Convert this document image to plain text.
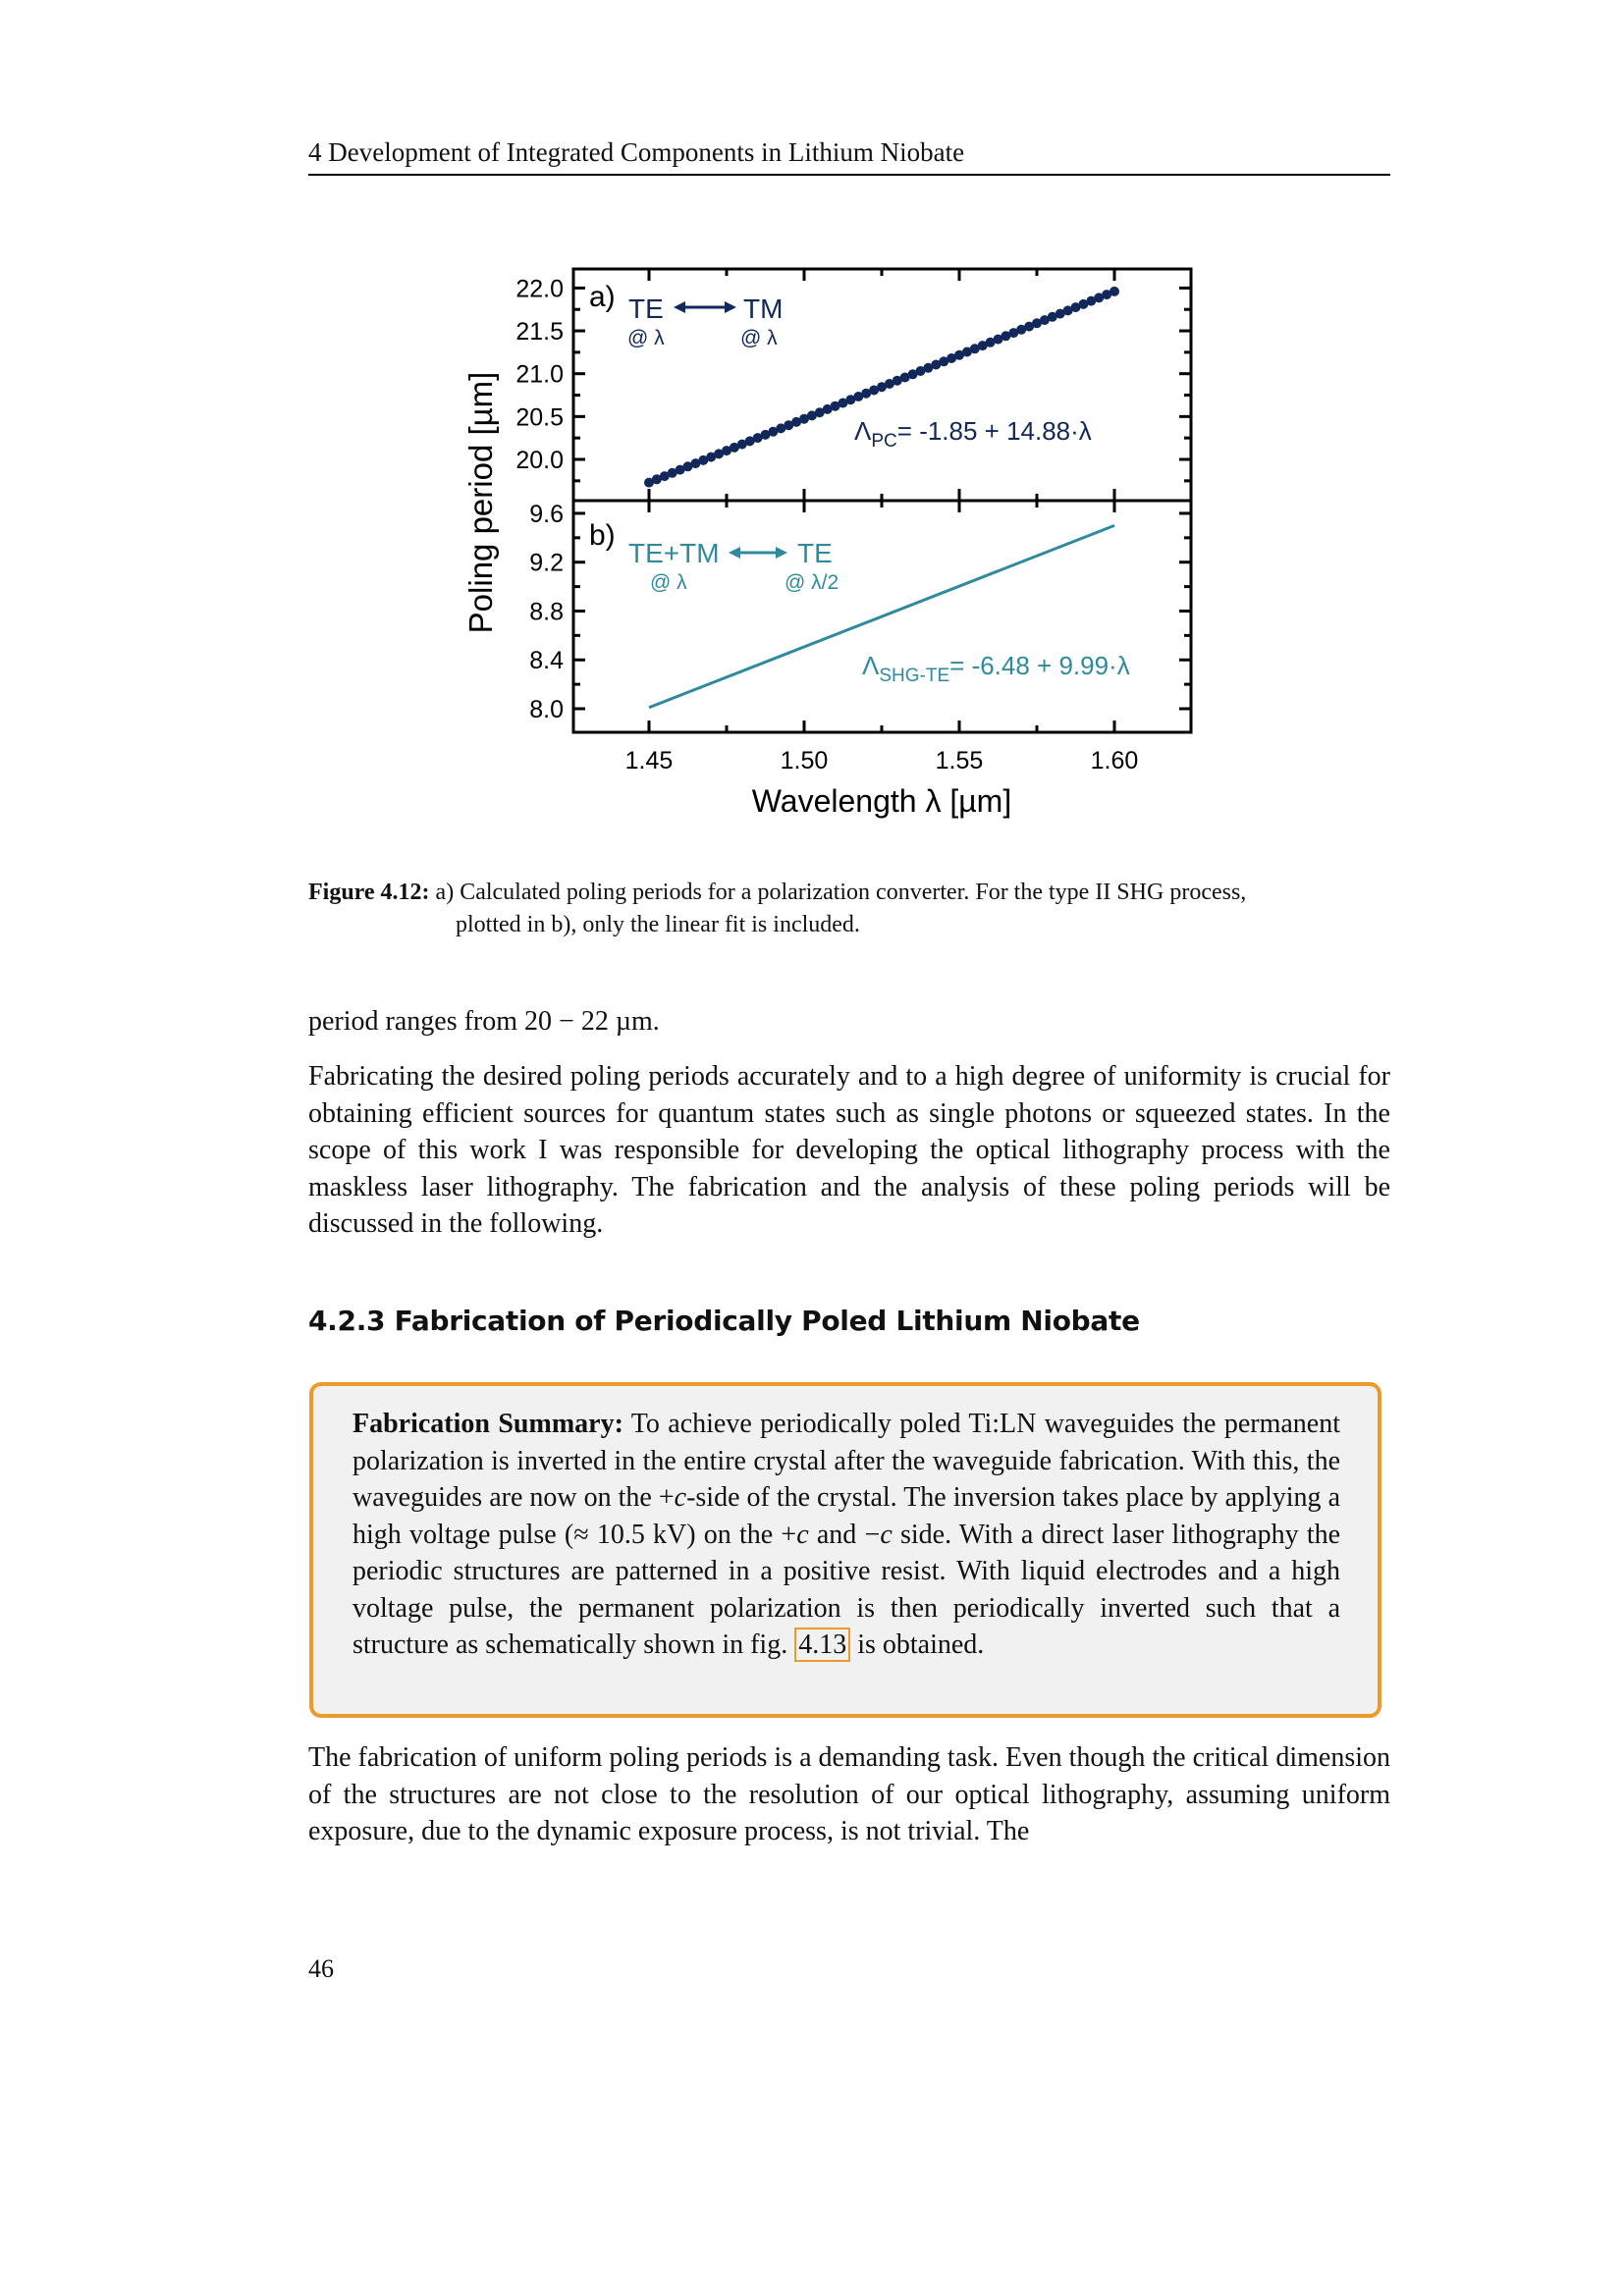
4 Development of Integrated Components in Lithium Niobate
20.0
20.5
21.0
21.5
22.0
8.0
8.4
8.8
9.2
9.6
1.45	1.50	1.55	1.60
a) TE	TM
@ λ	@ λ
$\Lambda_{PC}= -1.85 + 14.88\cdot\lambda$
b)
TE+TM	TE
@ λ	@ λ/2
$\Lambda_{SHG-TE}= -6.48 + 9.99\cdot\lambda$
Poling period [µm]
Wavelength λ [µm]
Figure 4.12: a) Calculated poling periods for a polarization converter. For the type II SHG process,
plotted in b), only the linear fit is included.
period ranges from 20 − 22 µm.
Fabricating the desired poling periods accurately and to a high degree of uniformity is crucial for obtaining efficient sources for quantum states such as single photons or squeezed states. In the scope of this work I was responsible for developing the optical lithography process with the maskless laser lithography. The fabrication and the analysis of these poling periods will be discussed in the following.
4.2.3 Fabrication of Periodically Poled Lithium Niobate
Fabrication Summary: To achieve periodically poled Ti:LN waveguides the permanent polarization is inverted in the entire crystal after the waveguide fabrication. With this, the waveguides are now on the +c-side of the crystal. The inversion takes place by applying a high voltage pulse (≈ 10.5 kV) on the +c and −c side. With a direct laser lithography the periodic structures are patterned in a positive resist. With liquid electrodes and a high voltage pulse, the permanent polarization is then periodically inverted such that a structure as schematically shown in fig. 4.13 is obtained.
The fabrication of uniform poling periods is a demanding task. Even though the critical dimension of the structures are not close to the resolution of our optical lithography, assuming uniform exposure, due to the dynamic exposure process, is not trivial. The
46
